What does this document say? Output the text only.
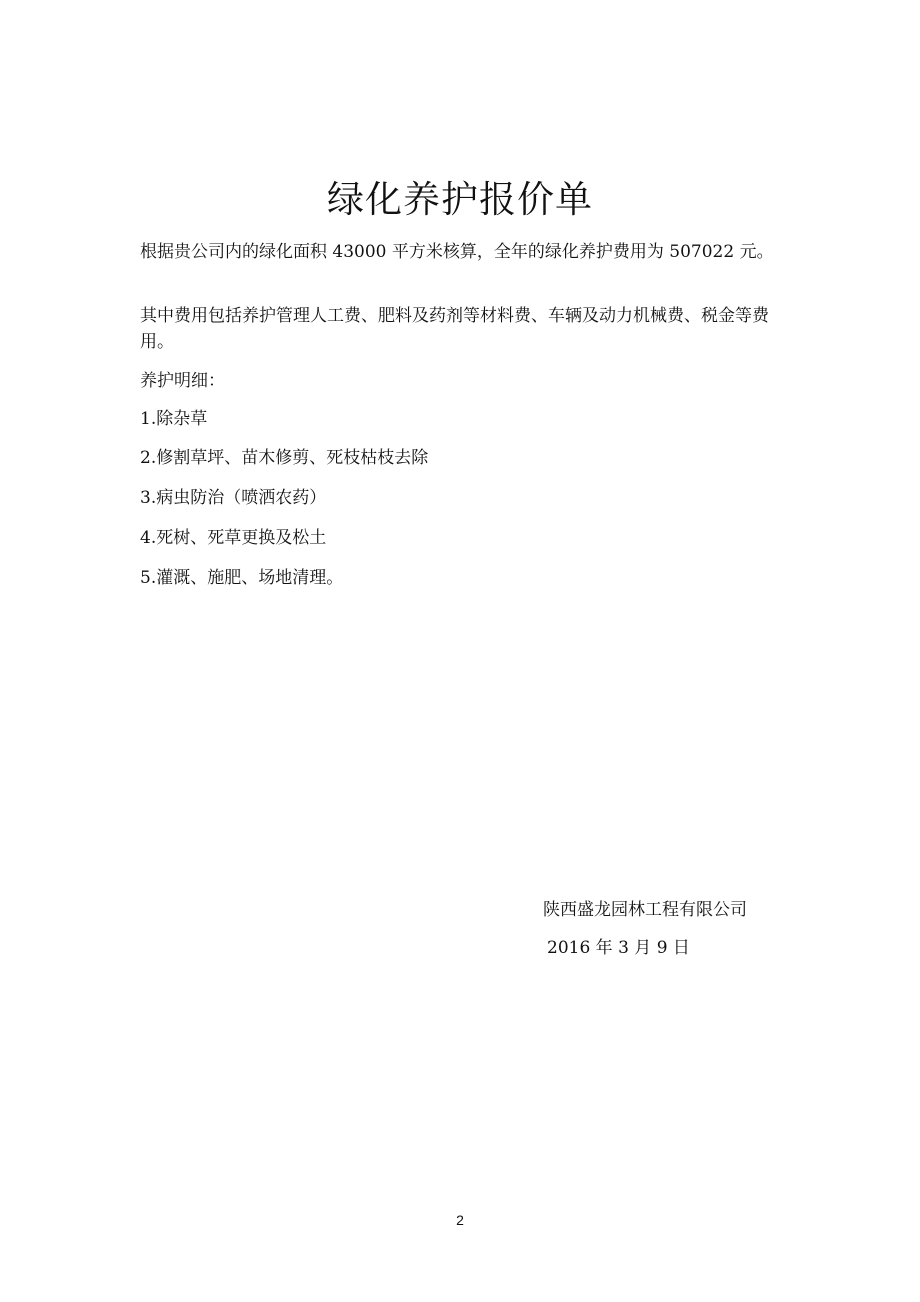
绿化养护报价单
根据贵公司内的绿化面积 43000 平方米核算，全年的绿化养护费用为 507022 元。
其中费用包括养护管理人工费、肥料及药剂等材料费、车辆及动力机械费、税金等费用。
养护明细：
1.除杂草
2.修割草坪、苗木修剪、死枝枯枝去除
3.病虫防治（喷洒农药）
4.死树、死草更换及松土
5.灌溉、施肥、场地清理。
陕西盛龙园林工程有限公司
2016 年 3 月 9 日
2
